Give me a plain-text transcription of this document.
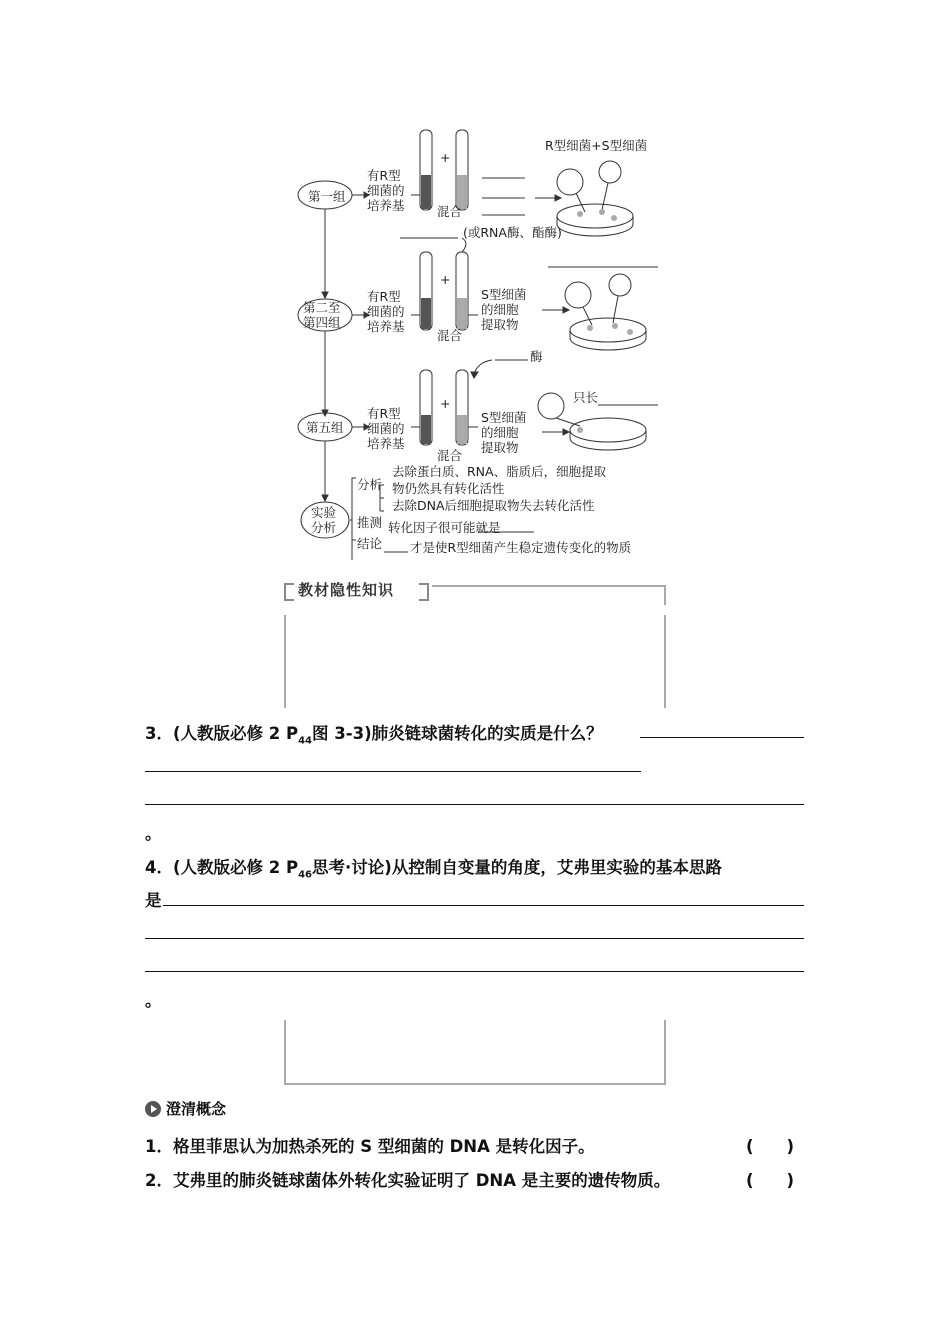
第一组
有R型
细菌的
培养基
+
混合
R型细菌+S型细菌
(或RNA酶、酯酶)
第二至
第四组
有R型
细菌的
培养基
+
S型细菌
的细胞
提取物
混合
酶
第五组
有R型
细菌的
培养基
+
S型细菌
的细胞
提取物
混合
只长
实验
分析
分析
推测
结论
去除蛋白质、RNA、脂质后，细胞提取
物仍然具有转化活性
去除DNA后细胞提取物失去转化活性
转化因子很可能就是
才是使R型细菌产生稳定遗传变化的物质
教材隐性知识
3．(人教版必修 2 $P_{44}$图 3-3)肺炎链球菌转化的实质是什么？
。
4．(人教版必修 2 $P_{46}$思考·讨论)从控制自变量的角度，艾弗里实验的基本思路
是
。
澄清概念
1．格里菲思认为加热杀死的 S 型细菌的 DNA 是转化因子。	(　　)
2．艾弗里的肺炎链球菌体外转化实验证明了 DNA 是主要的遗传物质。	(　　)
